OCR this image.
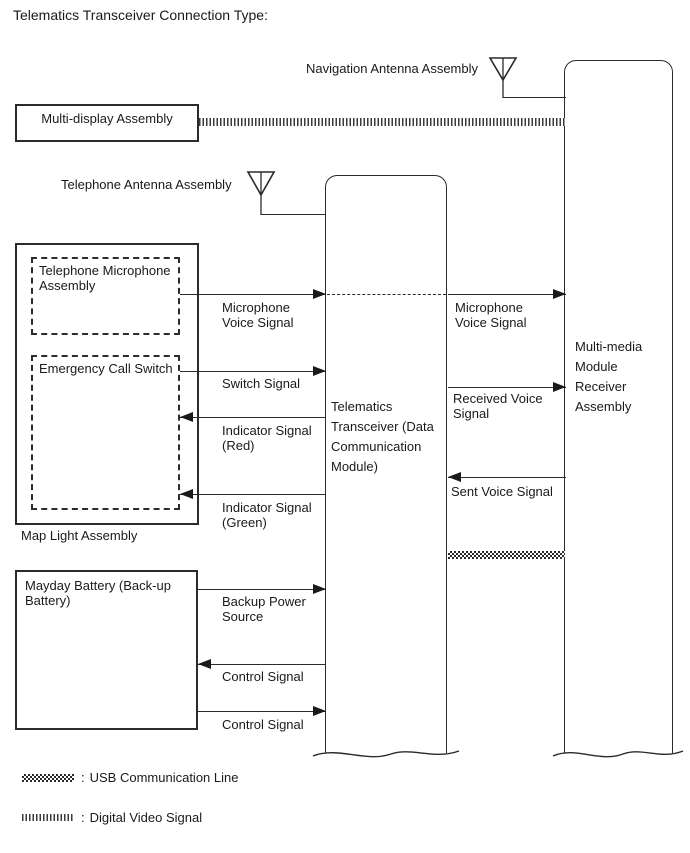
Telematics Transceiver Connection Type:
Telematics Transceiver (Data Communication Module)
Multi-media Module Receiver Assembly
Navigation Antenna Assembly
Multi-display Assembly
Telephone Antenna Assembly
Telephone Microphone Assembly
Emergency Call Switch
Map Light Assembly
Mayday Battery (Back-up Battery)
Microphone Voice Signal
Switch Signal
Indicator Signal (Red)
Indicator Signal (Green)
Backup Power Source
Control Signal
Control Signal
Microphone Voice Signal
Received Voice Signal
Sent Voice Signal
: USB Communication Line
: Digital Video Signal
